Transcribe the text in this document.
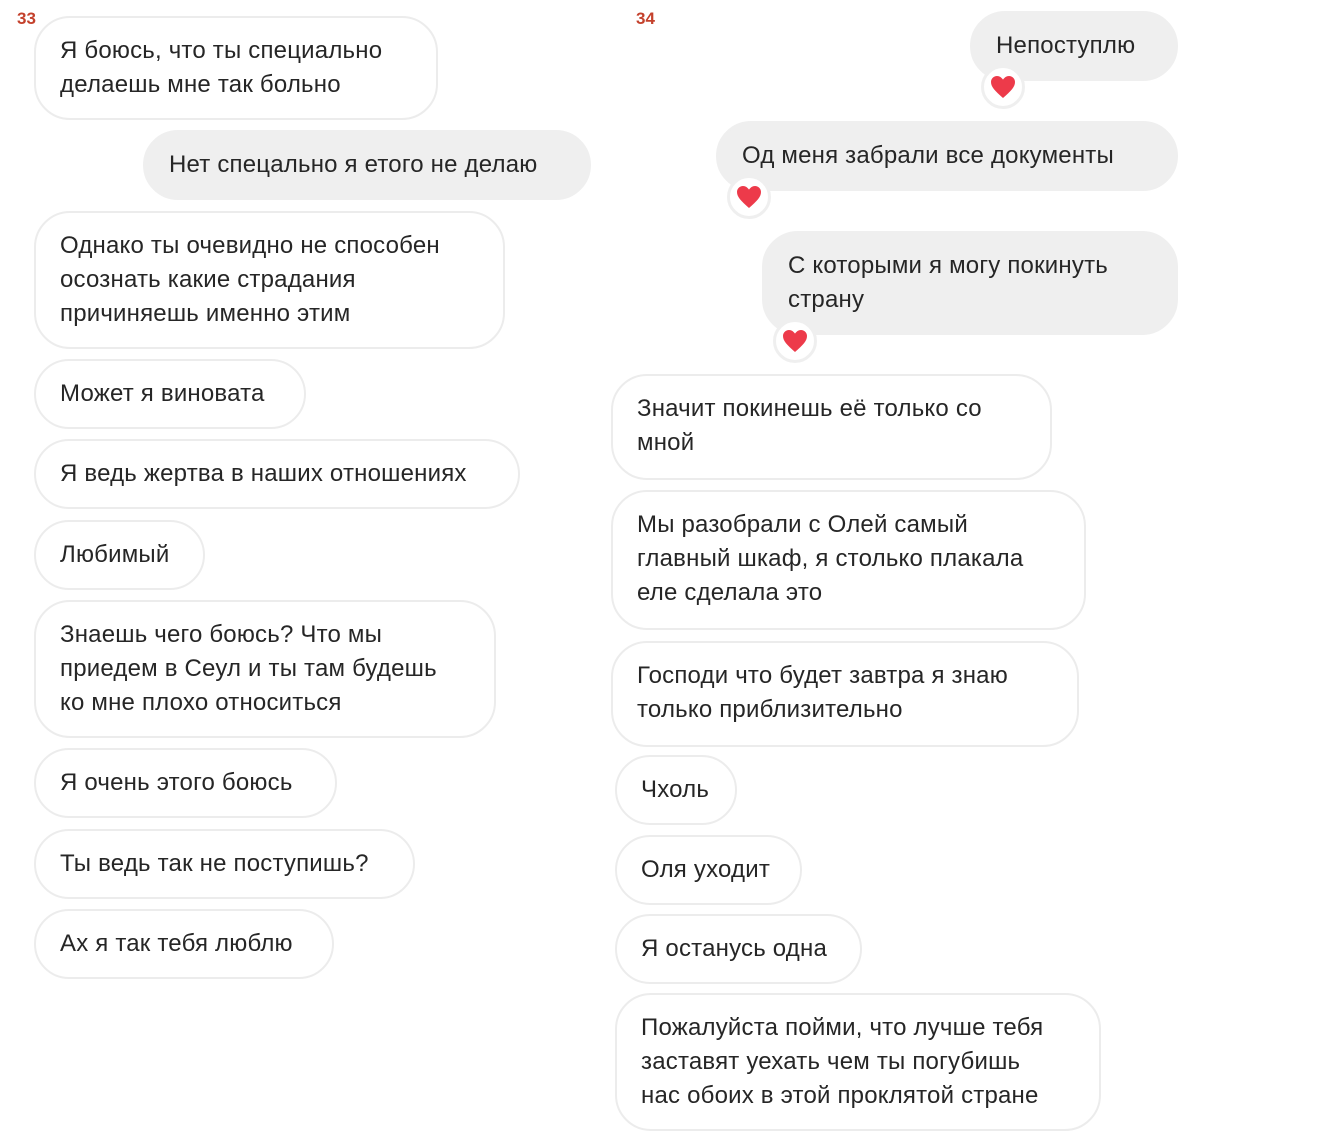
33	34
Я боюсь, что ты специально
делаешь мне так больно
Нет спецально я етого не делаю
Однако ты очевидно не способен
осознать какие страдания
причиняешь именно этим
Может я виновата
Я ведь жертва в наших отношениях
Любимый
Знаешь чего боюсь? Что мы
приедем в Сеул и ты там будешь
ко мне плохо относиться
Я очень этого боюсь
Ты ведь так не поступишь?
Ах я так тебя люблю
Непоступлю
Од меня забрали все документы
С которыми я могу покинуть
страну
Значит покинешь её только со
мной
Мы разобрали с Олей самый
главный шкаф, я столько плакала
еле сделала это
Господи что будет завтра я знаю
только приблизительно
Чхоль
Оля уходит
Я останусь одна
Пожалуйста пойми, что лучше тебя
заставят уехать чем ты погубишь
нас обоих в этой проклятой стране
